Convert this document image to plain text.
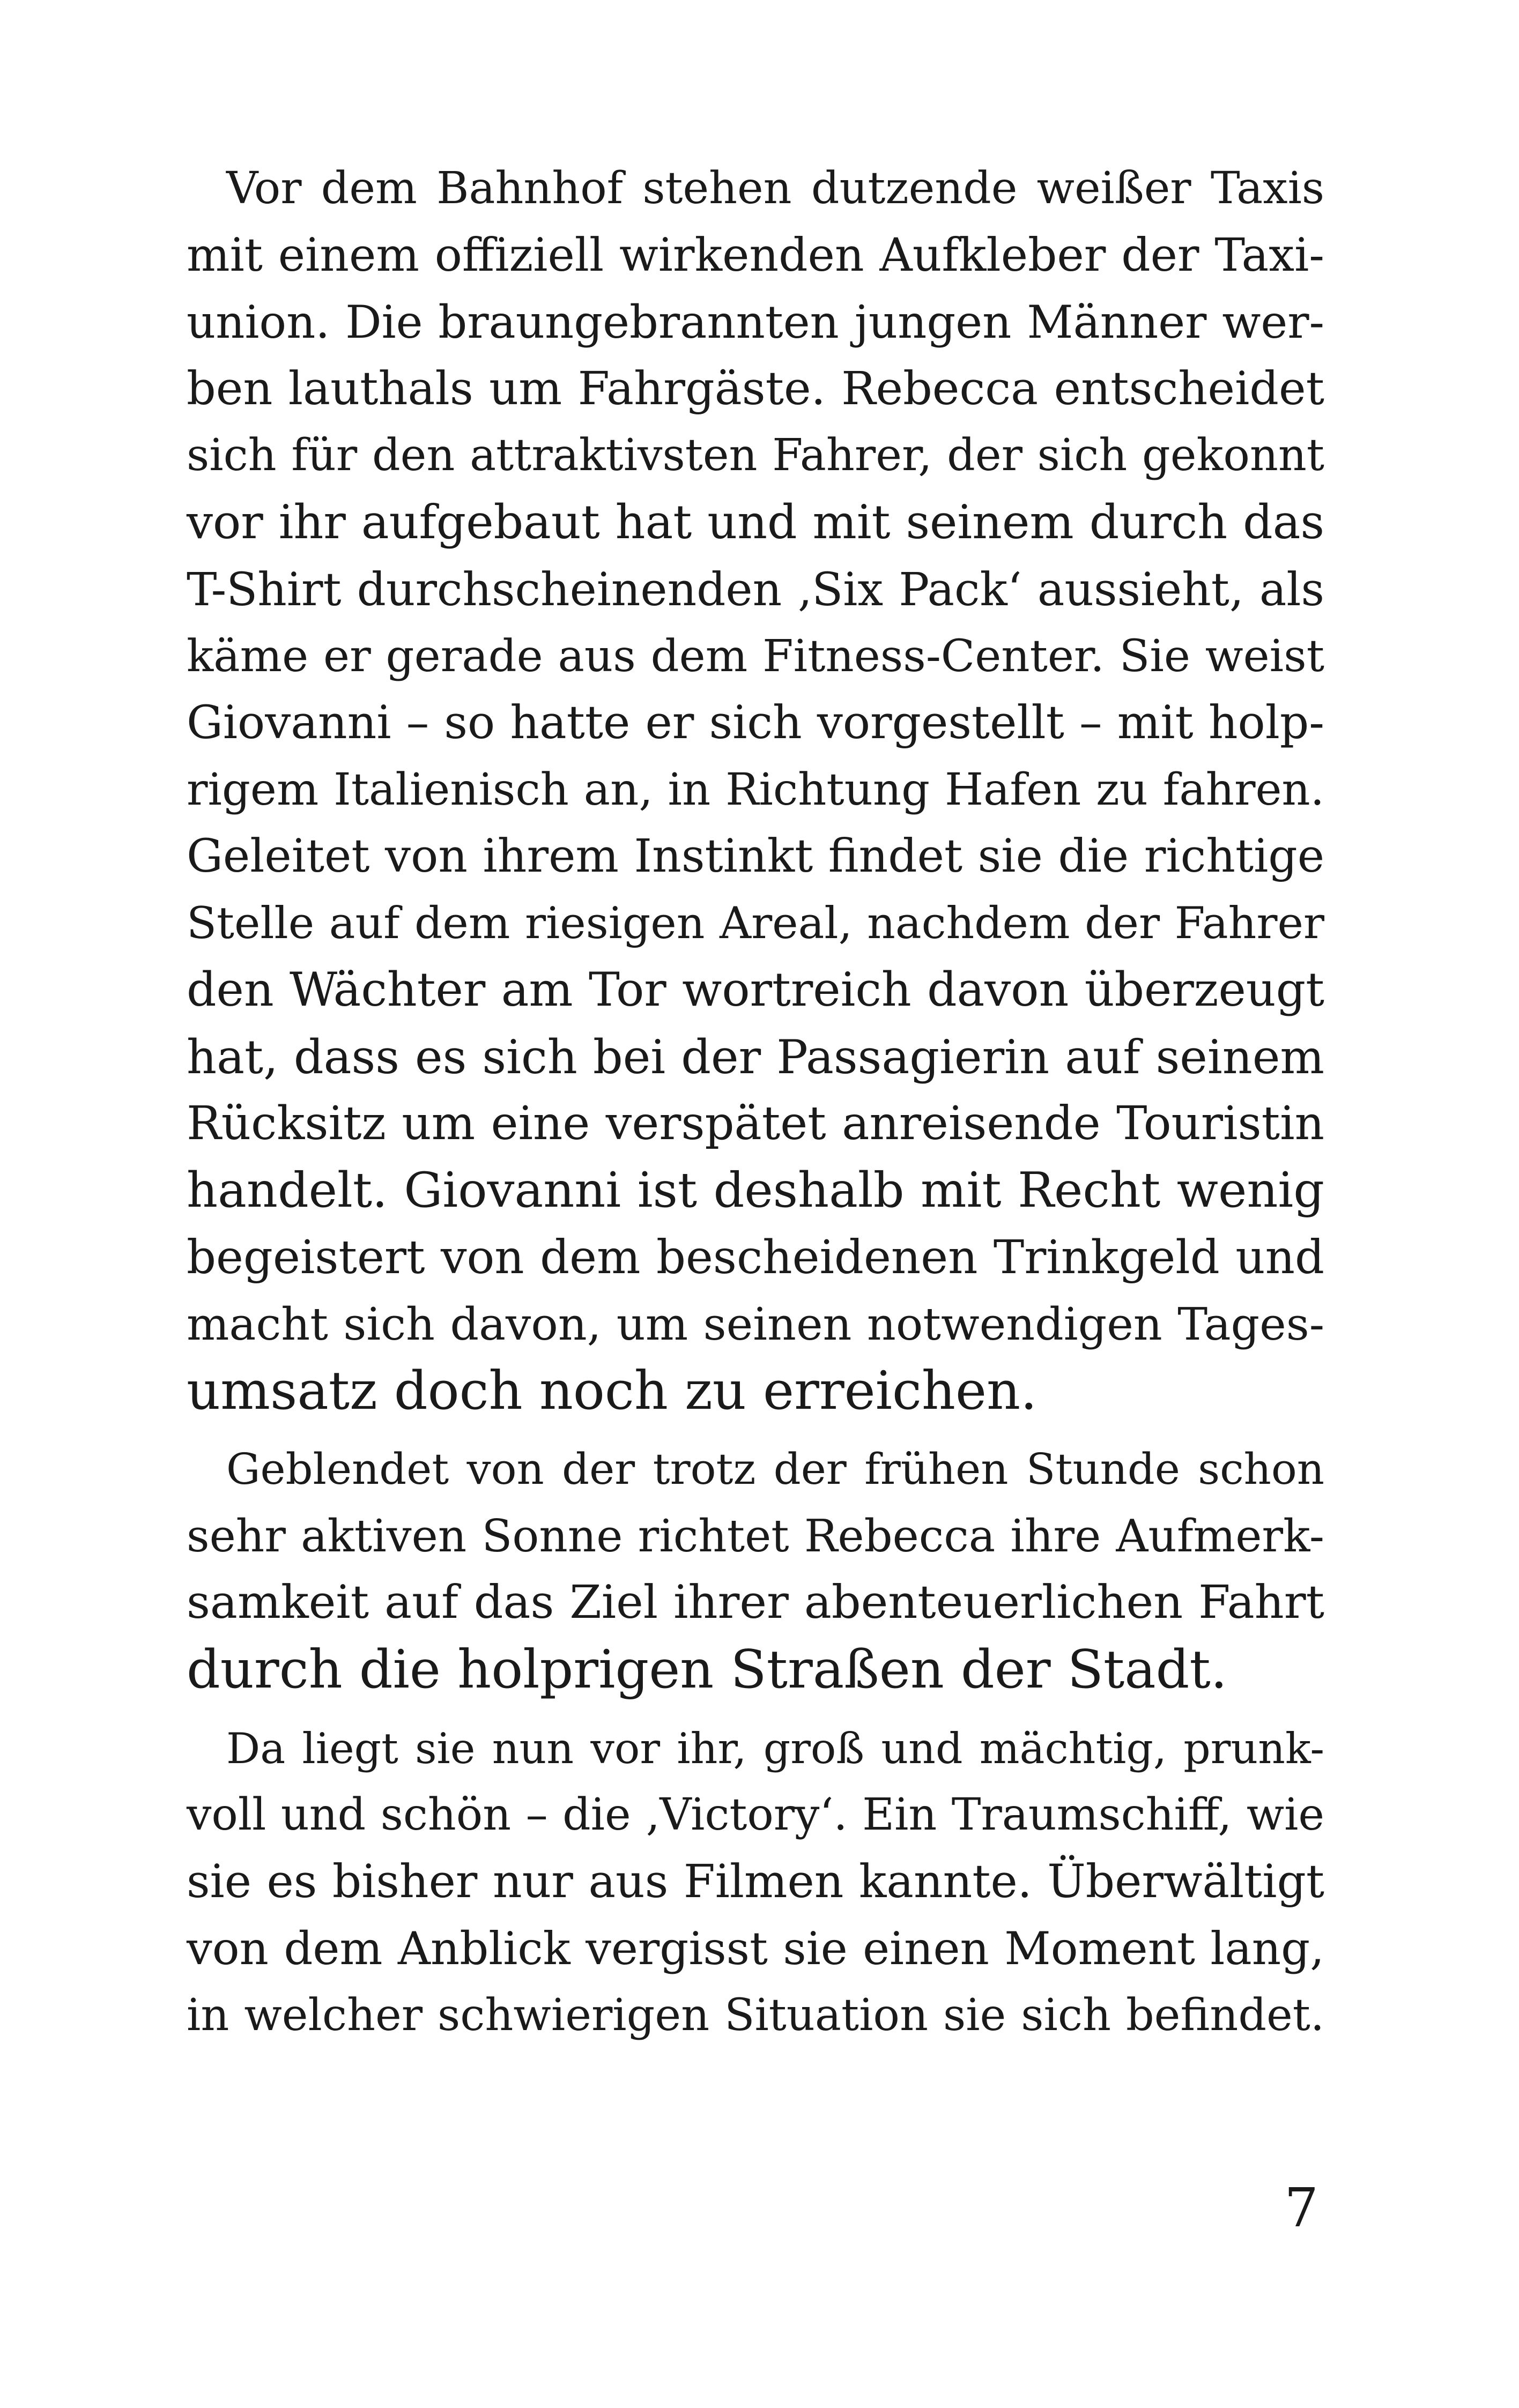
Vor dem Bahnhof stehen dutzende weißer Taxis
mit einem offiziell wirkenden Aufkleber der Taxi-
union. Die braungebrannten jungen Männer wer-
ben lauthals um Fahrgäste. Rebecca entscheidet
sich für den attraktivsten Fahrer, der sich gekonnt
vor ihr aufgebaut hat und mit seinem durch das
T-Shirt durchscheinenden ‚Six Pack‘ aussieht, als
käme er gerade aus dem Fitness-Center. Sie weist
Giovanni – so hatte er sich vorgestellt – mit holp-
rigem Italienisch an, in Richtung Hafen zu fahren.
Geleitet von ihrem Instinkt findet sie die richtige
Stelle auf dem riesigen Areal, nachdem der Fahrer
den Wächter am Tor wortreich davon überzeugt
hat, dass es sich bei der Passagierin auf seinem
Rücksitz um eine verspätet anreisende Touristin
handelt. Giovanni ist deshalb mit Recht wenig
begeistert von dem bescheidenen Trinkgeld und
macht sich davon, um seinen notwendigen Tages-
umsatz doch noch zu erreichen.
Geblendet von der trotz der frühen Stunde schon
sehr aktiven Sonne richtet Rebecca ihre Aufmerk-
samkeit auf das Ziel ihrer abenteuerlichen Fahrt
durch die holprigen Straßen der Stadt.
Da liegt sie nun vor ihr, groß und mächtig, prunk-
voll und schön – die ‚Victory‘. Ein Traumschiff, wie
sie es bisher nur aus Filmen kannte. Überwältigt
von dem Anblick vergisst sie einen Moment lang,
in welcher schwierigen Situation sie sich befindet.
7
